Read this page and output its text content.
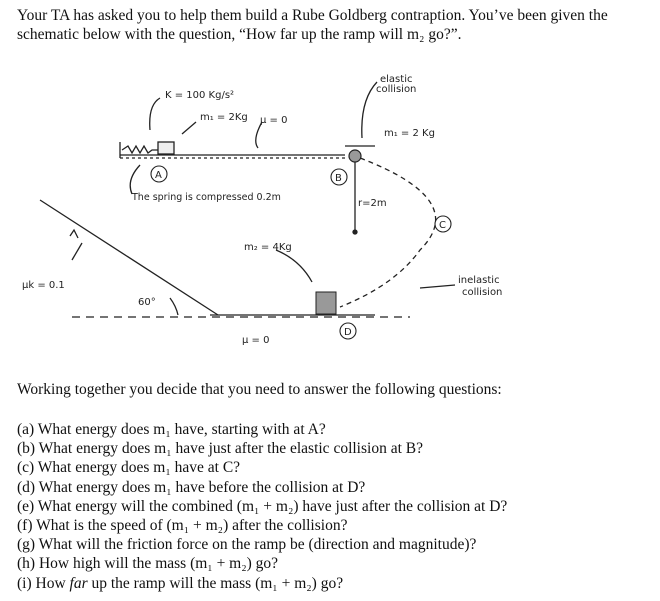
Your TA has asked you to help them build a Rube Goldberg contraption. You’ve been given the
schematic below with the question, “How far up the ramp will m₂ go?”.
A	B
C
D
K = 100 Kg/s²
m₁ = 2Kg μ = 0
The spring is compressed 0.2m
elastic
collision
m₁ = 2 Kg
r=2m
m₂ = 4Kg
μk = 0.1
60°
inelastic
collision
μ = 0
Working together you decide that you need to answer the following questions:
(a) What energy does m₁ have, starting with at A?
(b) What energy does m₁ have just after the elastic collision at B?
(c) What energy does m₁ have at C?
(d) What energy does m₁ have before the collision at D?
(e) What energy will the combined (m₁ + m₂) have just after the collision at D?
(f) What is the speed of (m₁ + m₂) after the collision?
(g) What will the friction force on the ramp be (direction and magnitude)?
(h) How high will the mass (m₁ + m₂) go?
(i) How far up the ramp will the mass (m₁ + m₂) go?
